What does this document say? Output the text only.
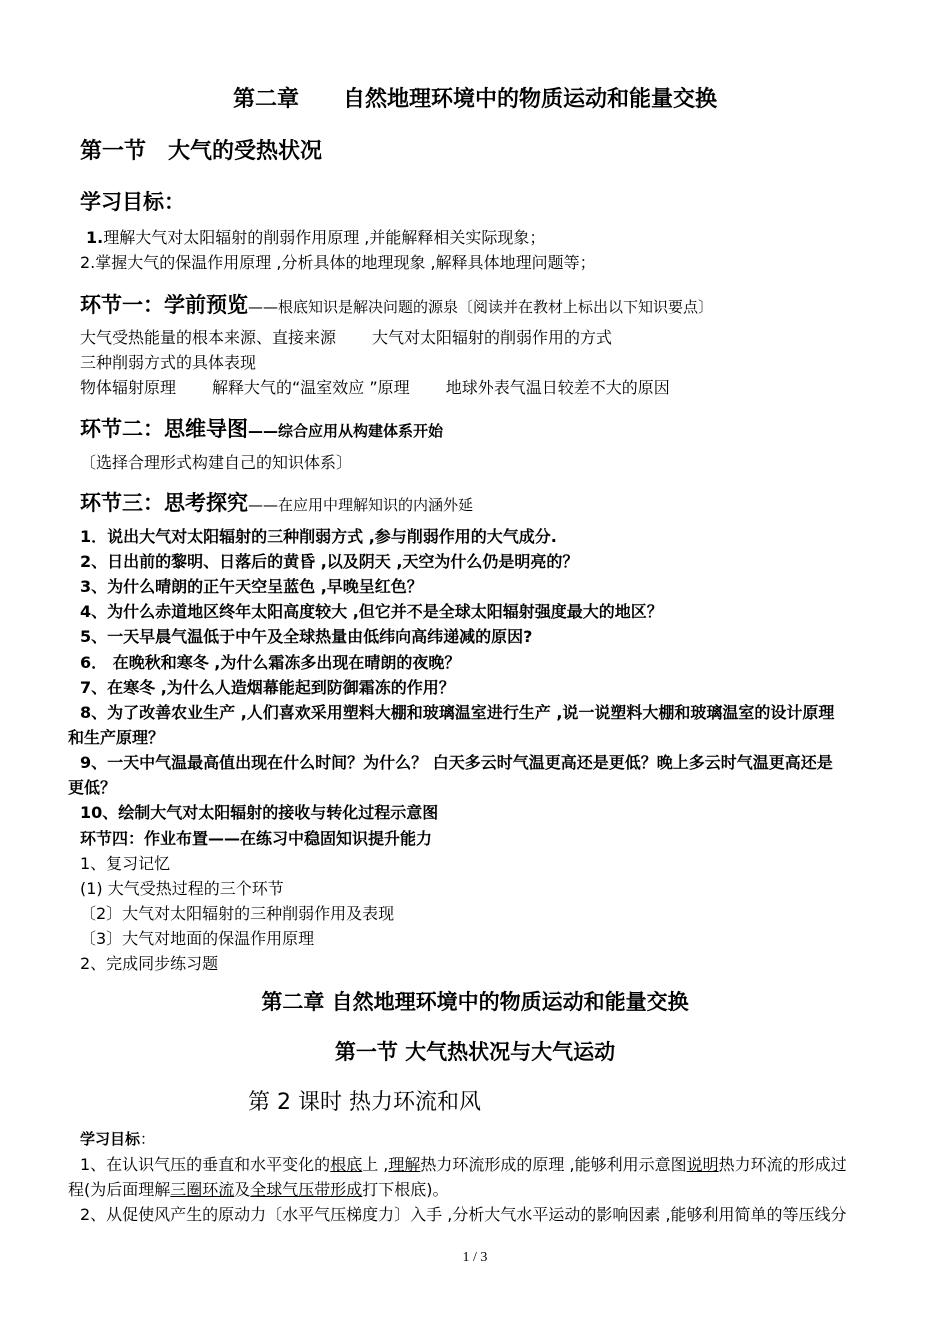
第二章　　自然地理环境中的物质运动和能量交换
第一节　大气的受热状况
学习目标：
1.理解大气对太阳辐射的削弱作用原理 ,并能解释相关实际现象；
2.掌握大气的保温作用原理 ,分析具体的地理现象 ,解释具体地理问题等；
环节一：学前预览——根底知识是解决问题的源泉〔阅读并在教材上标出以下知识要点〕
大气受热能量的根本来源、直接来源 大气对太阳辐射的削弱作用的方式
三种削弱方式的具体表现
物体辐射原理 解释大气的“温室效应 ”原理 地球外表气温日较差不大的原因
环节二：思维导图——综合应用从构建体系开始
〔选择合理形式构建自己的知识体系〕
环节三：思考探究——在应用中理解知识的内涵外延
1．说出大气对太阳辐射的三种削弱方式 ,参与削弱作用的大气成分.
2、日出前的黎明、日落后的黄昏 ,以及阴天 ,天空为什么仍是明亮的？
3、为什么晴朗的正午天空呈蓝色 ,早晚呈红色？
4、为什么赤道地区终年太阳高度较大 ,但它并不是全球太阳辐射强度最大的地区？
5、一天早晨气温低于中午及全球热量由低纬向高纬递减的原因?
6． 在晚秋和寒冬 ,为什么霜冻多出现在晴朗的夜晚？
7、在寒冬 ,为什么人造烟幕能起到防御霜冻的作用？
8、为了改善农业生产 ,人们喜欢采用塑料大棚和玻璃温室进行生产 ,说一说塑料大棚和玻璃温室的设计原理
和生产原理？
9、一天中气温最高值出现在什么时间？为什么？ 白天多云时气温更高还是更低？晚上多云时气温更高还是
更低？
10、绘制大气对太阳辐射的接收与转化过程示意图
环节四：作业布置——在练习中稳固知识提升能力
1、复习记忆
(1) 大气受热过程的三个环节
〔2〕大气对太阳辐射的三种削弱作用及表现
〔3〕大气对地面的保温作用原理
2、完成同步练习题
第二章 自然地理环境中的物质运动和能量交换
第一节 大气热状况与大气运动
第 2 课时 热力环流和风
学习目标：
1、在认识气压的垂直和水平变化的根底上 ,理解热力环流形成的原理 ,能够利用示意图说明热力环流的形成过
程(为后面理解三圈环流及全球气压带形成打下根底)。
2、从促使风产生的原动力〔水平气压梯度力〕入手 ,分析大气水平运动的影响因素 ,能够利用简单的等压线分
1 / 3
